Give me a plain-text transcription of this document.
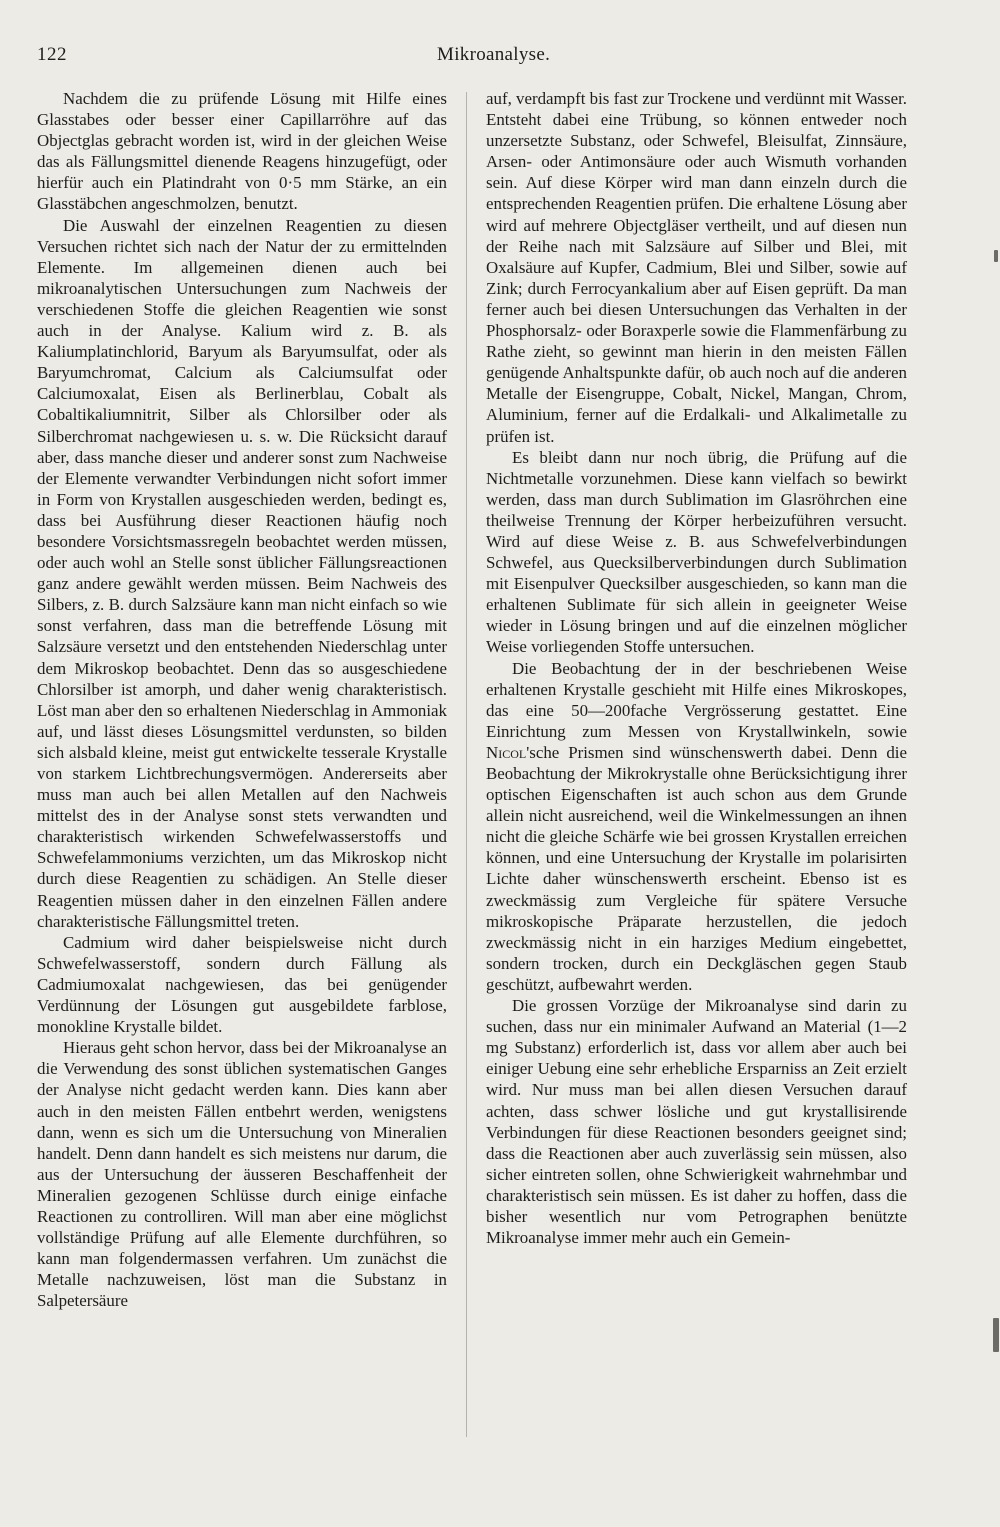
122	Mikroanalyse.

Nachdem die zu prüfende Lösung mit Hilfe eines Glasstabes oder besser einer Capillarröhre auf das Objectglas gebracht worden ist, wird in der gleichen Weise das als Fällungsmittel dienende Reagens hinzugefügt, oder hierfür auch ein Platindraht von 0·5 mm Stärke, an ein Glasstäbchen angeschmolzen, benutzt.

Die Auswahl der einzelnen Reagentien zu diesen Versuchen richtet sich nach der Natur der zu ermittelnden Elemente. Im allgemeinen dienen auch bei mikroanalytischen Untersuchungen zum Nachweis der verschiedenen Stoffe die gleichen Reagentien wie sonst auch in der Analyse. Kalium wird z. B. als Kaliumplatinchlorid, Baryum als Baryumsulfat, oder als Baryumchromat, Calcium als Calciumsulfat oder Calciumoxalat, Eisen als Berlinerblau, Cobalt als Cobaltikaliumnitrit, Silber als Chlorsilber oder als Silberchromat nachgewiesen u. s. w. Die Rücksicht darauf aber, dass manche dieser und anderer sonst zum Nachweise der Elemente verwandter Verbindungen nicht sofort immer in Form von Krystallen ausgeschieden werden, bedingt es, dass bei Ausführung dieser Reactionen häufig noch besondere Vorsichtsmassregeln beobachtet werden müssen, oder auch wohl an Stelle sonst üblicher Fällungsreactionen ganz andere gewählt werden müssen. Beim Nachweis des Silbers, z. B. durch Salzsäure kann man nicht einfach so wie sonst verfahren, dass man die betreffende Lösung mit Salzsäure versetzt und den entstehenden Niederschlag unter dem Mikroskop beobachtet. Denn das so ausgeschiedene Chlorsilber ist amorph, und daher wenig charakteristisch. Löst man aber den so erhaltenen Niederschlag in Ammoniak auf, und lässt dieses Lösungsmittel verdunsten, so bilden sich alsbald kleine, meist gut entwickelte tesserale Krystalle von starkem Lichtbrechungsvermögen. Andererseits aber muss man auch bei allen Metallen auf den Nachweis mittelst des in der Analyse sonst stets verwandten und charakteristisch wirkenden Schwefelwasserstoffs und Schwefelammoniums verzichten, um das Mikroskop nicht durch diese Reagentien zu schädigen. An Stelle dieser Reagentien müssen daher in den einzelnen Fällen andere charakteristische Fällungsmittel treten.

Cadmium wird daher beispielsweise nicht durch Schwefelwasserstoff, sondern durch Fällung als Cadmiumoxalat nachgewiesen, das bei genügender Verdünnung der Lösungen gut ausgebildete farblose, monokline Krystalle bildet.

Hieraus geht schon hervor, dass bei der Mikroanalyse an die Verwendung des sonst üblichen systematischen Ganges der Analyse nicht gedacht werden kann. Dies kann aber auch in den meisten Fällen entbehrt werden, wenigstens dann, wenn es sich um die Untersuchung von Mineralien handelt. Denn dann handelt es sich meistens nur darum, die aus der Untersuchung der äusseren Beschaffenheit der Mineralien gezogenen Schlüsse durch einige einfache Reactionen zu controlliren. Will man aber eine möglichst vollständige Prüfung auf alle Elemente durchführen, so kann man folgendermassen verfahren. Um zunächst die Metalle nachzuweisen, löst man die Substanz in Salpetersäure

auf, verdampft bis fast zur Trockene und verdünnt mit Wasser. Entsteht dabei eine Trübung, so können entweder noch unzersetzte Substanz, oder Schwefel, Bleisulfat, Zinnsäure, Arsen- oder Antimonsäure oder auch Wismuth vorhanden sein. Auf diese Körper wird man dann einzeln durch die entsprechenden Reagentien prüfen. Die erhaltene Lösung aber wird auf mehrere Objectgläser vertheilt, und auf diesen nun der Reihe nach mit Salzsäure auf Silber und Blei, mit Oxalsäure auf Kupfer, Cadmium, Blei und Silber, sowie auf Zink; durch Ferrocyankalium aber auf Eisen geprüft. Da man ferner auch bei diesen Untersuchungen das Verhalten in der Phosphorsalz- oder Boraxperle sowie die Flammenfärbung zu Rathe zieht, so gewinnt man hierin in den meisten Fällen genügende Anhaltspunkte dafür, ob auch noch auf die anderen Metalle der Eisengruppe, Cobalt, Nickel, Mangan, Chrom, Aluminium, ferner auf die Erdalkali- und Alkalimetalle zu prüfen ist.

Es bleibt dann nur noch übrig, die Prüfung auf die Nichtmetalle vorzunehmen. Diese kann vielfach so bewirkt werden, dass man durch Sublimation im Glasröhrchen eine theilweise Trennung der Körper herbeizuführen versucht. Wird auf diese Weise z. B. aus Schwefelverbindungen Schwefel, aus Quecksilberverbindungen durch Sublimation mit Eisenpulver Quecksilber ausgeschieden, so kann man die erhaltenen Sublimate für sich allein in geeigneter Weise wieder in Lösung bringen und auf die einzelnen möglicher Weise vorliegenden Stoffe untersuchen.

Die Beobachtung der in der beschriebenen Weise erhaltenen Krystalle geschieht mit Hilfe eines Mikroskopes, das eine 50—200fache Vergrösserung gestattet. Eine Einrichtung zum Messen von Krystallwinkeln, sowie Nicol'sche Prismen sind wünschenswerth dabei. Denn die Beobachtung der Mikrokrystalle ohne Berücksichtigung ihrer optischen Eigenschaften ist auch schon aus dem Grunde allein nicht ausreichend, weil die Winkelmessungen an ihnen nicht die gleiche Schärfe wie bei grossen Krystallen erreichen können, und eine Untersuchung der Krystalle im polarisirten Lichte daher wünschenswerth erscheint. Ebenso ist es zweckmässig zum Vergleiche für spätere Versuche mikroskopische Präparate herzustellen, die jedoch zweckmässig nicht in ein harziges Medium eingebettet, sondern trocken, durch ein Deckgläschen gegen Staub geschützt, aufbewahrt werden.

Die grossen Vorzüge der Mikroanalyse sind darin zu suchen, dass nur ein minimaler Aufwand an Material (1—2 mg Substanz) erforderlich ist, dass vor allem aber auch bei einiger Uebung eine sehr erhebliche Ersparniss an Zeit erzielt wird. Nur muss man bei allen diesen Versuchen darauf achten, dass schwer lösliche und gut krystallisirende Verbindungen für diese Reactionen besonders geeignet sind; dass die Reactionen aber auch zuverlässig sein müssen, also sicher eintreten sollen, ohne Schwierigkeit wahrnehmbar und charakteristisch sein müssen. Es ist daher zu hoffen, dass die bisher wesentlich nur vom Petrographen benützte Mikroanalyse immer mehr auch ein Gemein-
